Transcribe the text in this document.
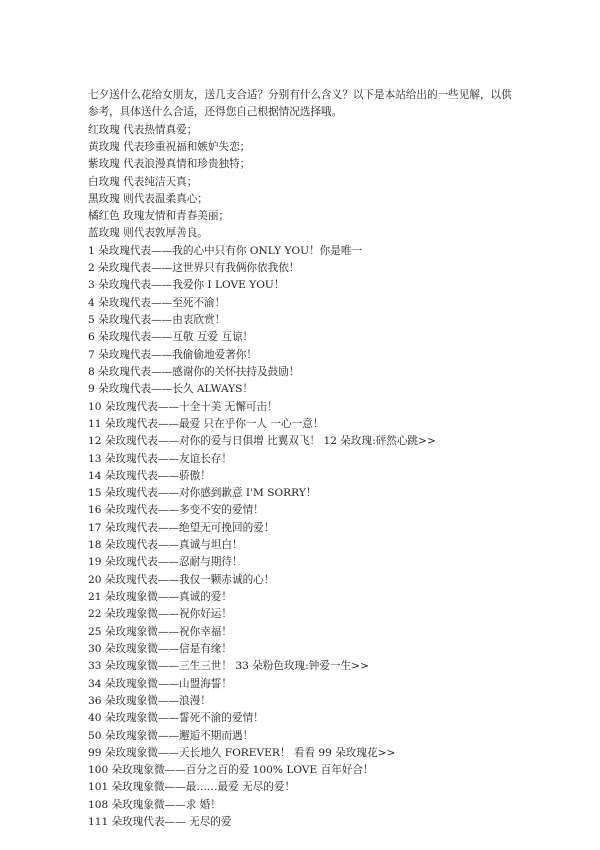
七夕送什么花给女朋友，送几支合适？分别有什么含义？以下是本站给出的一些见解，以供参考，具体送什么合适，还得您自己根据情况选择哦。

红玫瑰 代表热情真爱；

黄玫瑰 代表珍重祝福和嫉妒失恋；

紫玫瑰 代表浪漫真情和珍贵独特；

白玫瑰 代表纯洁天真；

黑玫瑰 则代表温柔真心；

橘红色 玫瑰友情和青春美丽；

蓝玫瑰 则代表敦厚善良。

1 朵玫瑰代表——我的心中只有你 ONLY YOU！你是唯一

2 朵玫瑰代表——这世界只有我俩你依我依！

3 朵玫瑰代表——我爱你 I LOVE YOU！

4 朵玫瑰代表——至死不渝！

5 朵玫瑰代表——由衷欣赏！

6 朵玫瑰代表——互敬 互爱 互谅！

7 朵玫瑰代表——我偷偷地爱著你！

8 朵玫瑰代表——感谢你的关怀扶持及鼓励！

9 朵玫瑰代表——长久 ALWAYS！

10 朵玫瑰代表——十全十美 无懈可击！

11 朵玫瑰代表——最爱 只在乎你一人 一心一意！

12 朵玫瑰代表——对你的爱与日俱增 比翼双飞！ 12 朵玫瑰:砰然心跳>>

13 朵玫瑰代表——友谊长存！

14 朵玫瑰代表——骄傲！

15 朵玫瑰代表——对你感到歉意 I'M SORRY！

16 朵玫瑰代表——多变不安的爱情！

17 朵玫瑰代表——绝望无可挽回的爱！

18 朵玫瑰代表——真诚与坦白！

19 朵玫瑰代表——忍耐与期待！

20 朵玫瑰代表——我仅一颗赤诚的心！

21 朵玫瑰象微——真诚的爱！

22 朵玫瑰象微——祝你好运！

25 朵玫瑰象微——祝你幸福！

30 朵玫瑰象微——信是有缘！

33 朵玫瑰象微——三生三世！ 33 朵粉色玫瑰:钟爱一生>>

34 朵玫瑰象微——山盟海誓！

36 朵玫瑰象微——浪漫！

40 朵玫瑰象微——誓死不渝的爱情！

50 朵玫瑰象微——邂逅不期而遇！

99 朵玫瑰象微——天长地久 FOREVER！ 看看 99 朵玫瑰花>>

100 朵玫瑰象微——百分之百的爱 100% LOVE 百年好合！

101 朵玫瑰象微——最……最爱 无尽的爱！

108 朵玫瑰象微——求 婚！

111 朵玫瑰代表—— 无尽的爱
